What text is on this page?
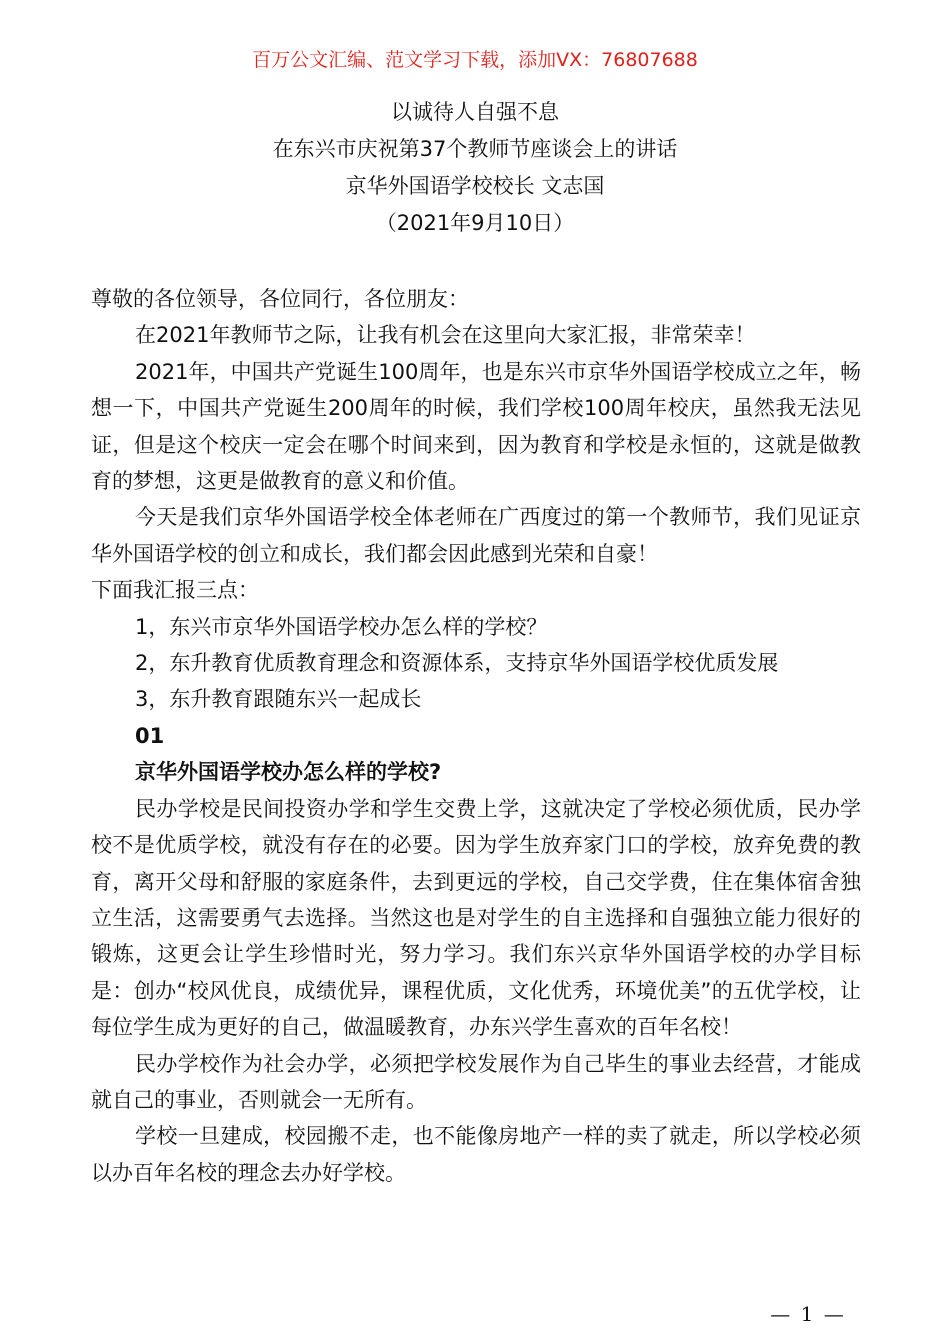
百万公文汇编、范文学习下载，添加VX：76807688
以诚待人自强不息
在东兴市庆祝第37个教师节座谈会上的讲话
京华外国语学校校长 文志国
（2021年9月10日）

尊敬的各位领导，各位同行，各位朋友：

在2021年教师节之际，让我有机会在这里向大家汇报，非常荣幸！

2021年，中国共产党诞生100周年，也是东兴市京华外国语学校成立之年，畅想一下，中国共产党诞生200周年的时候，我们学校100周年校庆，虽然我无法见证，但是这个校庆一定会在哪个时间来到，因为教育和学校是永恒的，这就是做教育的梦想，这更是做教育的意义和价值。

今天是我们京华外国语学校全体老师在广西度过的第一个教师节，我们见证京华外国语学校的创立和成长，我们都会因此感到光荣和自豪！

下面我汇报三点：

1，东兴市京华外国语学校办怎么样的学校？

2，东升教育优质教育理念和资源体系，支持京华外国语学校优质发展

3，东升教育跟随东兴一起成长

01

京华外国语学校办怎么样的学校?

民办学校是民间投资办学和学生交费上学，这就决定了学校必须优质，民办学校不是优质学校，就没有存在的必要。因为学生放弃家门口的学校，放弃免费的教育，离开父母和舒服的家庭条件，去到更远的学校，自己交学费，住在集体宿舍独立生活，这需要勇气去选择。当然这也是对学生的自主选择和自强独立能力很好的锻炼，这更会让学生珍惜时光，努力学习。我们东兴京华外国语学校的办学目标是：创办“校风优良，成绩优异，课程优质，文化优秀，环境优美”的五优学校，让每位学生成为更好的自己，做温暖教育，办东兴学生喜欢的百年名校！

民办学校作为社会办学，必须把学校发展作为自己毕生的事业去经营，才能成就自己的事业，否则就会一无所有。

学校一旦建成，校园搬不走，也不能像房地产一样的卖了就走，所以学校必须以办百年名校的理念去办好学校。

— 1 —
